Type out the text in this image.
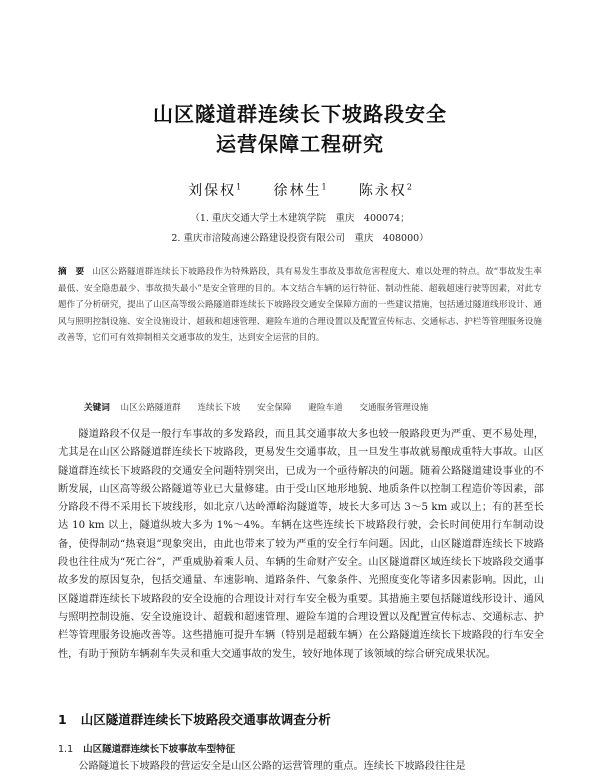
山区隧道群连续长下坡路段安全
运营保障工程研究
刘保权$^1$ 徐林生$^1$ 陈永权$^2$
（1. 重庆交通大学土木建筑学院　重庆　400074；
2. 重庆市涪陵高速公路建设投资有限公司　重庆　408000）
摘　要 山区公路隧道群连续长下坡路段作为特殊路段，具有易发生事故及事故危害程度大、难以处理的特点。故“事故发生率最低、安全隐患最少、事故损失最小”是安全管理的目的。本文结合车辆的运行特征、制动性能、超载超速行驶等因素，对此专题作了分析研究，提出了山区高等级公路隧道群连续长下坡路段交通安全保障方面的一些建议措施，包括通过隧道线形设计、通风与照明控制设施、安全设施设计、超载和超速管理、避险车道的合理设置以及配置宣传标志、交通标志、护栏等管理服务设施改善等，它们可有效抑制相关交通事故的发生，达到安全运营的目的。
关键词 山区公路隧道群 连续长下坡 安全保障 避险车道 交通服务管理设施
隧道路段不仅是一般行车事故的多发路段，而且其交通事故大多也较一般路段更为严重、更不易处理，尤其是在山区公路隧道群连续长下坡路段，更易发生交通事故，且一旦发生事故就易酿成重特大事故。山区隧道群连续长下坡路段的交通安全问题特别突出，已成为一个亟待解决的问题。随着公路隧道建设事业的不断发展，山区高等级公路隧道等业已大量修建。由于受山区地形地貌、地质条件以控制工程造价等因素，部分路段不得不采用长下坡线形，如北京八达岭潭峪沟隧道等，坡长大多可达 3～5 km 或以上；有的甚至长达 10 km 以上，隧道纵坡大多为 1%～4%。车辆在这些连续长下坡路段行驶，会长时间使用行车制动设备，使得制动“热衰退”现象突出，由此也带来了较为严重的安全行车问题。因此，山区隧道群连续长下坡路段也往往成为“死亡谷”，严重威胁着乘人员、车辆的生命财产安全。山区隧道群区域连续长下坡路段交通事故多发的原因复杂，包括交通量、车速影响、道路条件、气象条件、光照度变化等诸多因素影响。因此，山区隧道群连续长下坡路段的安全设施的合理设计对行车安全极为重要。其措施主要包括隧道线形设计、通风与照明控制设施、安全设施设计、超载和超速管理、避险车道的合理设置以及配置宣传标志、交通标志、护栏等管理服务设施改善等。这些措施可提升车辆（特别是超载车辆）在公路隧道连续长下坡路段的行车安全性，有助于预防车辆刹车失灵和重大交通事故的发生，较好地体现了该领域的综合研究成果状况。
1 山区隧道群连续长下坡路段交通事故调查分析
1.1 山区隧道群连续长下坡事故车型特征
公路隧道长下坡路段的营运安全是山区公路的运营管理的重点。连续长下坡路段往往是
